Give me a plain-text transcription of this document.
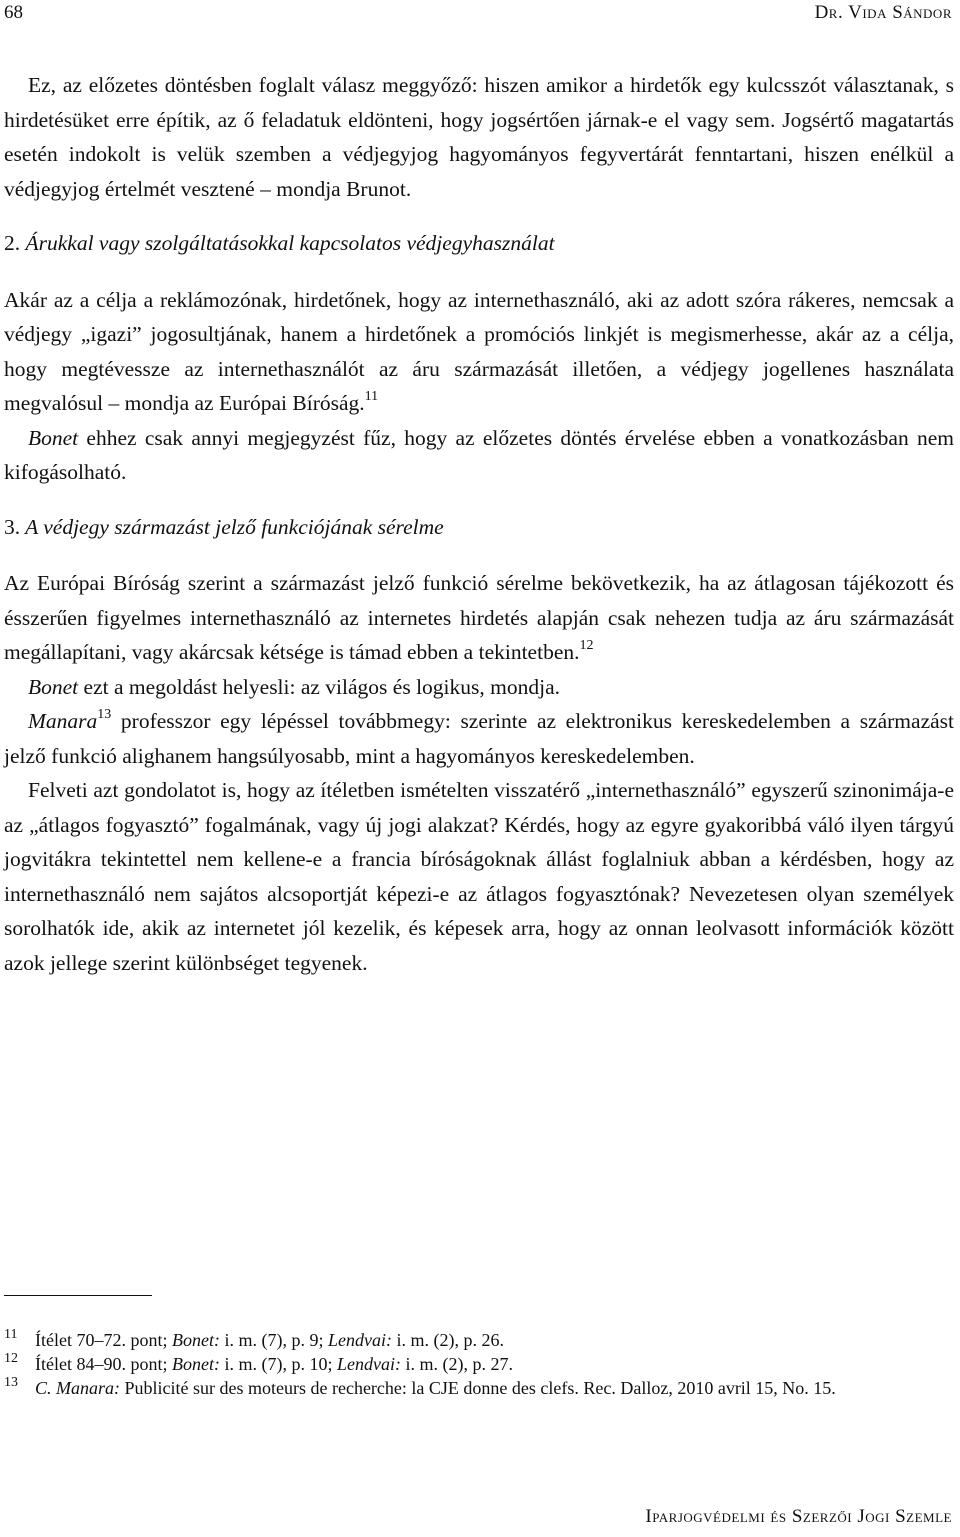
68	Dr. Vida Sándor

Ez, az előzetes döntésben foglalt válasz meggyőző: hiszen amikor a hirdetők egy kulcsszót választanak, s hirdetésüket erre építik, az ő feladatuk eldönteni, hogy jogsértően járnak-e el vagy sem. Jogsértő magatartás esetén indokolt is velük szemben a védjegyjog hagyományos fegyvertárát fenntartani, hiszen enélkül a védjegyjog értelmét vesztené – mondja Brunot.

2. Árukkal vagy szolgáltatásokkal kapcsolatos védjegyhasználat

Akár az a célja a reklámozónak, hirdetőnek, hogy az internethasználó, aki az adott szóra rákeres, nemcsak a védjegy „igazi” jogosultjának, hanem a hirdetőnek a promóciós linkjét is megismerhesse, akár az a célja, hogy megtévessze az internethasználót az áru származását illetően, a védjegy jogellenes használata megvalósul – mondja az Európai Bíróság.$^{11}$

Bonet ehhez csak annyi megjegyzést fűz, hogy az előzetes döntés érvelése ebben a vonatkozásban nem kifogásolható.

3. A védjegy származást jelző funkciójának sérelme

Az Európai Bíróság szerint a származást jelző funkció sérelme bekövetkezik, ha az átlagosan tájékozott és ésszerűen figyelmes internethasználó az internetes hirdetés alapján csak nehezen tudja az áru származását megállapítani, vagy akárcsak kétsége is támad ebben a tekintetben.$^{12}$

Bonet ezt a megoldást helyesli: az világos és logikus, mondja.

Manara$^{13}$ professzor egy lépéssel továbbmegy: szerinte az elektronikus kereskedelemben a származást jelző funkció alighanem hangsúlyosabb, mint a hagyományos kereskedelemben.

Felveti azt gondolatot is, hogy az ítéletben ismételten visszatérő „internethasználó” egyszerű szinonimája-e az „átlagos fogyasztó” fogalmának, vagy új jogi alakzat? Kérdés, hogy az egyre gyakoribbá váló ilyen tárgyú jogvitákra tekintettel nem kellene-e a francia bíróságoknak állást foglalniuk abban a kérdésben, hogy az internethasználó nem sajátos alcsoportját képezi-e az átlagos fogyasztónak? Nevezetesen olyan személyek sorolhatók ide, akik az internetet jól kezelik, és képesek arra, hogy az onnan leolvasott információk között azok jellege szerint különbséget tegyenek.

11 Ítélet 70–72. pont; Bonet: i. m. (7), p. 9; Lendvai: i. m. (2), p. 26.
12 Ítélet 84–90. pont; Bonet: i. m. (7), p. 10; Lendvai: i. m. (2), p. 27.
13 C. Manara: Publicité sur des moteurs de recherche: la CJE donne des clefs. Rec. Dalloz, 2010 avril 15, No. 15.
Iparjogvédelmi és Szerzői Jogi Szemle
